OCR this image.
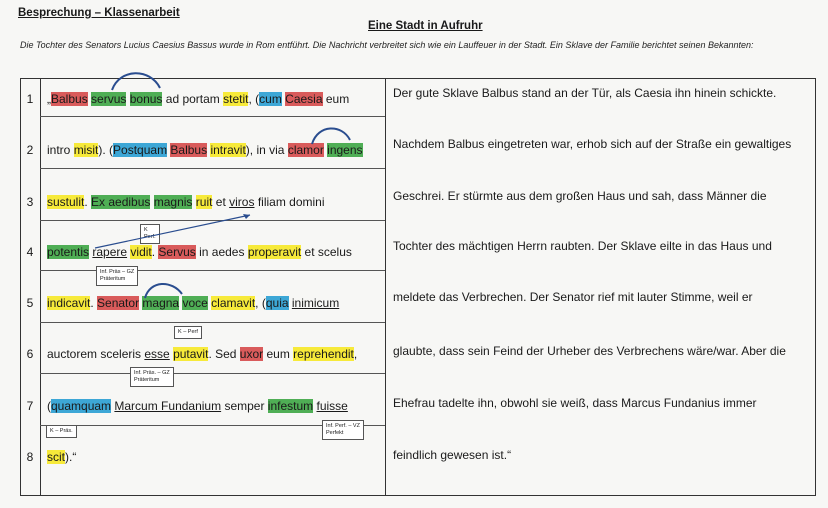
Besprechung – Klassenarbeit
Eine Stadt in Aufruhr
Die Tochter des Senators Lucius Caesius Bassus wurde in Rom entführt. Die Nachricht verbreitet sich wie ein Lauffeuer in der Stadt. Ein Sklave der Familie berichtet seinen Bekannten:
1	„Balbus servus bonus ad portam stetit, (cum Caesia eum	Der gute Sklave Balbus stand an der Tür, als Caesia ihn hinein schickte.
2	intro misit). (Postquam Balbus intravit), in via clamor ingens	Nachdem Balbus eingetreten war, erhob sich auf der Straße ein gewaltiges
3	sustulit. Ex aedibus magnis ruit et viros filiam domini	Geschrei. Er stürmte aus dem großen Haus und sah, dass Männer die
4	potentis rapere vidit. Servus in aedes properavit et scelus	Tochter des mächtigen Herrn raubten. Der Sklave eilte in das Haus und
5	indicavit. Senator magna voce clamavit, (quia inimicum	meldete das Verbrechen. Der Senator rief mit lauter Stimme, weil er
6	auctorem sceleris esse putavit. Sed uxor eum reprehendit,	glaubte, dass sein Feind der Urheber des Verbrechens wäre/war. Aber die
7	(quamquam Marcum Fundanium semper infestum fuisse	Ehefrau tadelte ihn, obwohl sie weiß, dass Marcus Fundanius immer
8	scit).“	feindlich gewesen ist.“
K
Perf.
Inf. Präs – GZ
Präteritum
K – Perf
Inf. Präs. – GZ
Präteritum
K – Präs.
Inf. Perf. – VZ
Perfekt
